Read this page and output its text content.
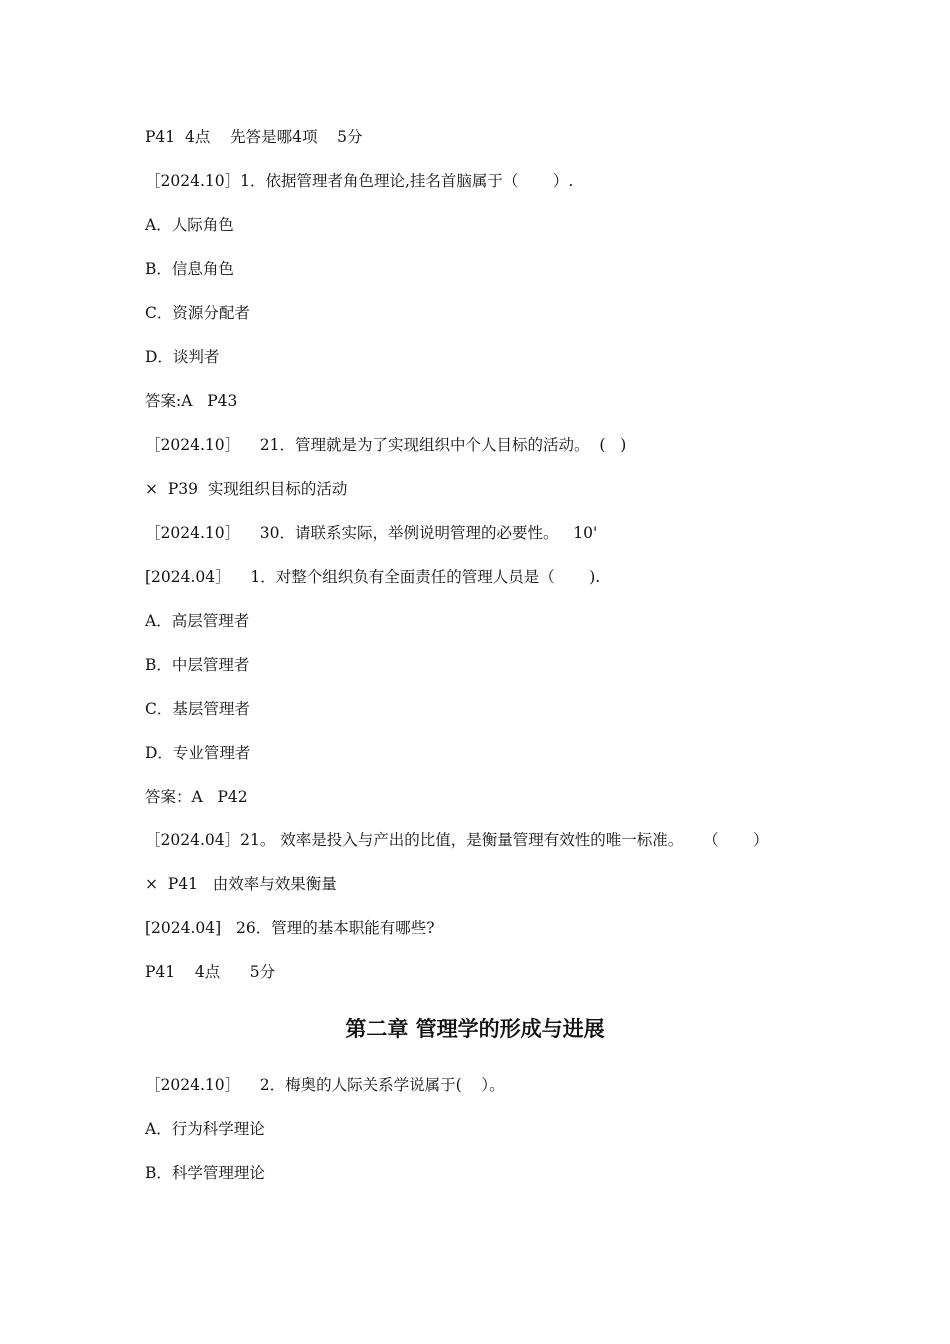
P41  4点    先答是哪4项    5分
［2024.10］1．依据管理者角色理论,挂名首脑属于（       ）.
A．人际角色
B．信息角色
C．资源分配者
D．谈判者
答案:A   P43
［2024.10］    21．管理就是为了实现组织中个人目标的活动。  (   )
×  P39  实现组织目标的活动
［2024.10］    30．请联系实际，举例说明管理的必要性。   10'
[2024.04］    1．对整个组织负有全面责任的管理人员是（       ).
A．高层管理者
B．中层管理者
C．基层管理者
D．专业管理者
答案：A   P42
［2024.04］21。 效率是投入与产出的比值，是衡量管理有效性的唯一标准。    （       ）
×  P41   由效率与效果衡量
[2024.04]   26．管理的基本职能有哪些?
P41    4点      5分
第二章 管理学的形成与进展
［2024.10］    2．梅奥的人际关系学说属于(    ）。
A．行为科学理论
B．科学管理理论
